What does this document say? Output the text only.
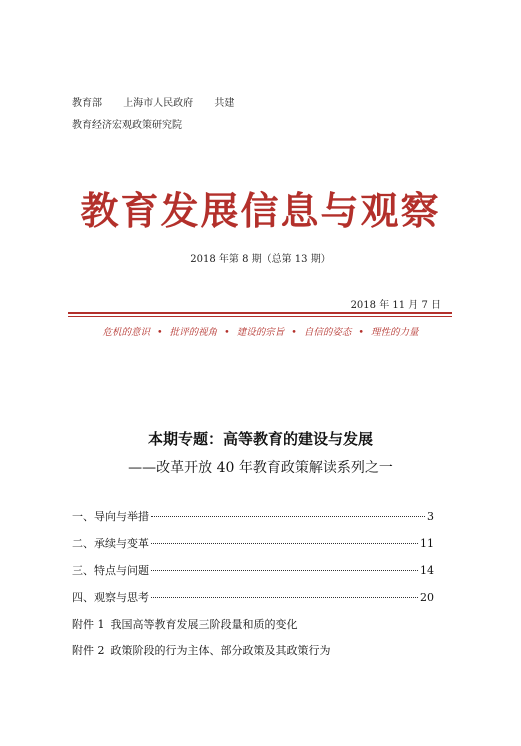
教育部 上海市人民政府 共建
教育经济宏观政策研究院
教育发展信息与观察
2018 年第 8 期（总第 13 期）
2018 年 11 月 7 日
危机的意识 • 批评的视角 • 建设的宗旨 • 自信的姿态 • 理性的力量
本期专题：高等教育的建设与发展
——改革开放 40 年教育政策解读系列之一
一、导向与举措	3
二、承续与变革	11
三、特点与问题	14
四、观察与思考	20
附件 1 我国高等教育发展三阶段量和质的变化
附件 2 政策阶段的行为主体、部分政策及其政策行为
